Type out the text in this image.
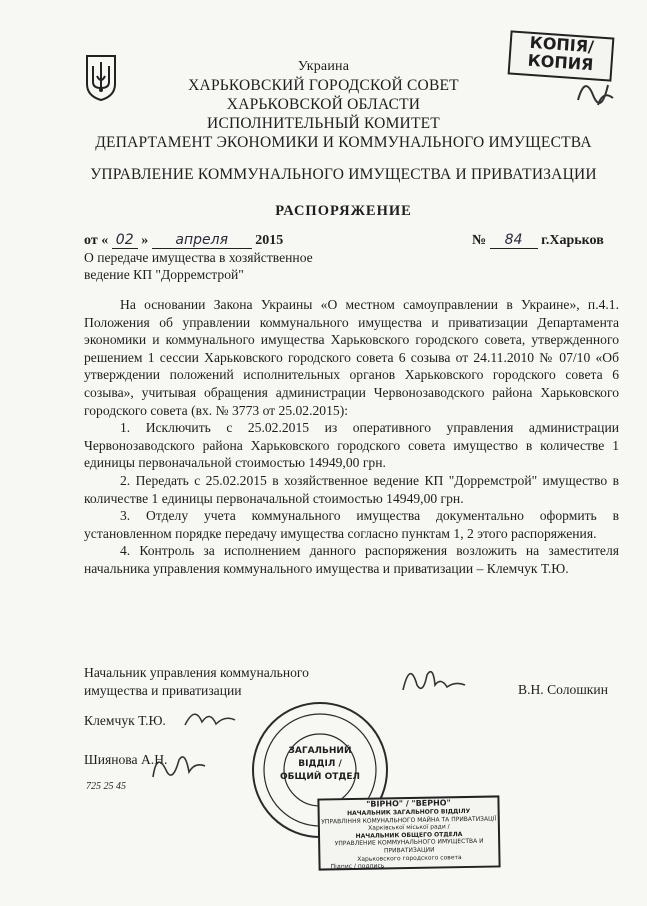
КОПІЯ/
КОПИЯ
Украина
ХАРЬКОВСКИЙ ГОРОДСКОЙ СОВЕТ
ХАРЬКОВСКОЙ ОБЛАСТИ
ИСПОЛНИТЕЛЬНЫЙ КОМИТЕТ
ДЕПАРТАМЕНТ ЭКОНОМИКИ И КОММУНАЛЬНОГО ИМУЩЕСТВА
УПРАВЛЕНИЕ КОММУНАЛЬНОГО ИМУЩЕСТВА И ПРИВАТИЗАЦИИ
РАСПОРЯЖЕНИЕ
от « 02 » апреля 2015	№ 84 г.Харьков
О передаче имущества в хозяйственное
ведение КП "Дорремстрой"

На основании Закона Украины «О местном самоуправлении в Украине», п.4.1. Положения об управлении коммунального имущества и приватизации Департамента экономики и коммунального имущества Харьковского городского совета, утвержденного решением 1 сессии Харьковского городского совета 6 созыва от 24.11.2010 № 07/10 «Об утверждении положений исполнительных органов Харьковского городского совета 6 созыва», учитывая обращения администрации Червонозаводского района Харьковского городского совета (вх. № 3773 от 25.02.2015):

1. Исключить с 25.02.2015 из оперативного управления администрации Червонозаводского района Харьковского городского совета имущество в количестве 1 единицы первоначальной стоимостью 14949,00 грн.

2. Передать с 25.02.2015 в хозяйственное ведение КП "Дорремстрой" имущество в количестве 1 единицы первоначальной стоимостью 14949,00 грн.

3. Отделу учета коммунального имущества документально оформить в установленном порядке передачу имущества согласно пунктам 1, 2 этого распоряжения.

4. Контроль за исполнением данного распоряжения возложить на заместителя начальника управления коммунального имущества и приватизации – Клемчук Т.Ю.

Начальник управления коммунального
имущества и приватизации	В.Н. Солошкин
Клемчук Т.Ю.
Шиянова А.Н.
725 25 45
ЗАГАЛЬНИЙ
ВІДДІЛ /
ОБЩИЙ ОТДЕЛ
"ВІРНО" / "ВЕРНО"
НАЧАЛЬНИК ЗАГАЛЬНОГО ВІДДІЛУ
УПРАВЛІННЯ КОМУНАЛЬНОГО МАЙНА ТА ПРИВАТИЗАЦІЇ
Харківської міської ради /
НАЧАЛЬНИК ОБЩЕГО ОТДЕЛА
УПРАВЛЕНИЕ КОММУНАЛЬНОГО ИМУЩЕСТВА И ПРИВАТИЗАЦИИ
Харьковского городского совета
Підпис / подпись
